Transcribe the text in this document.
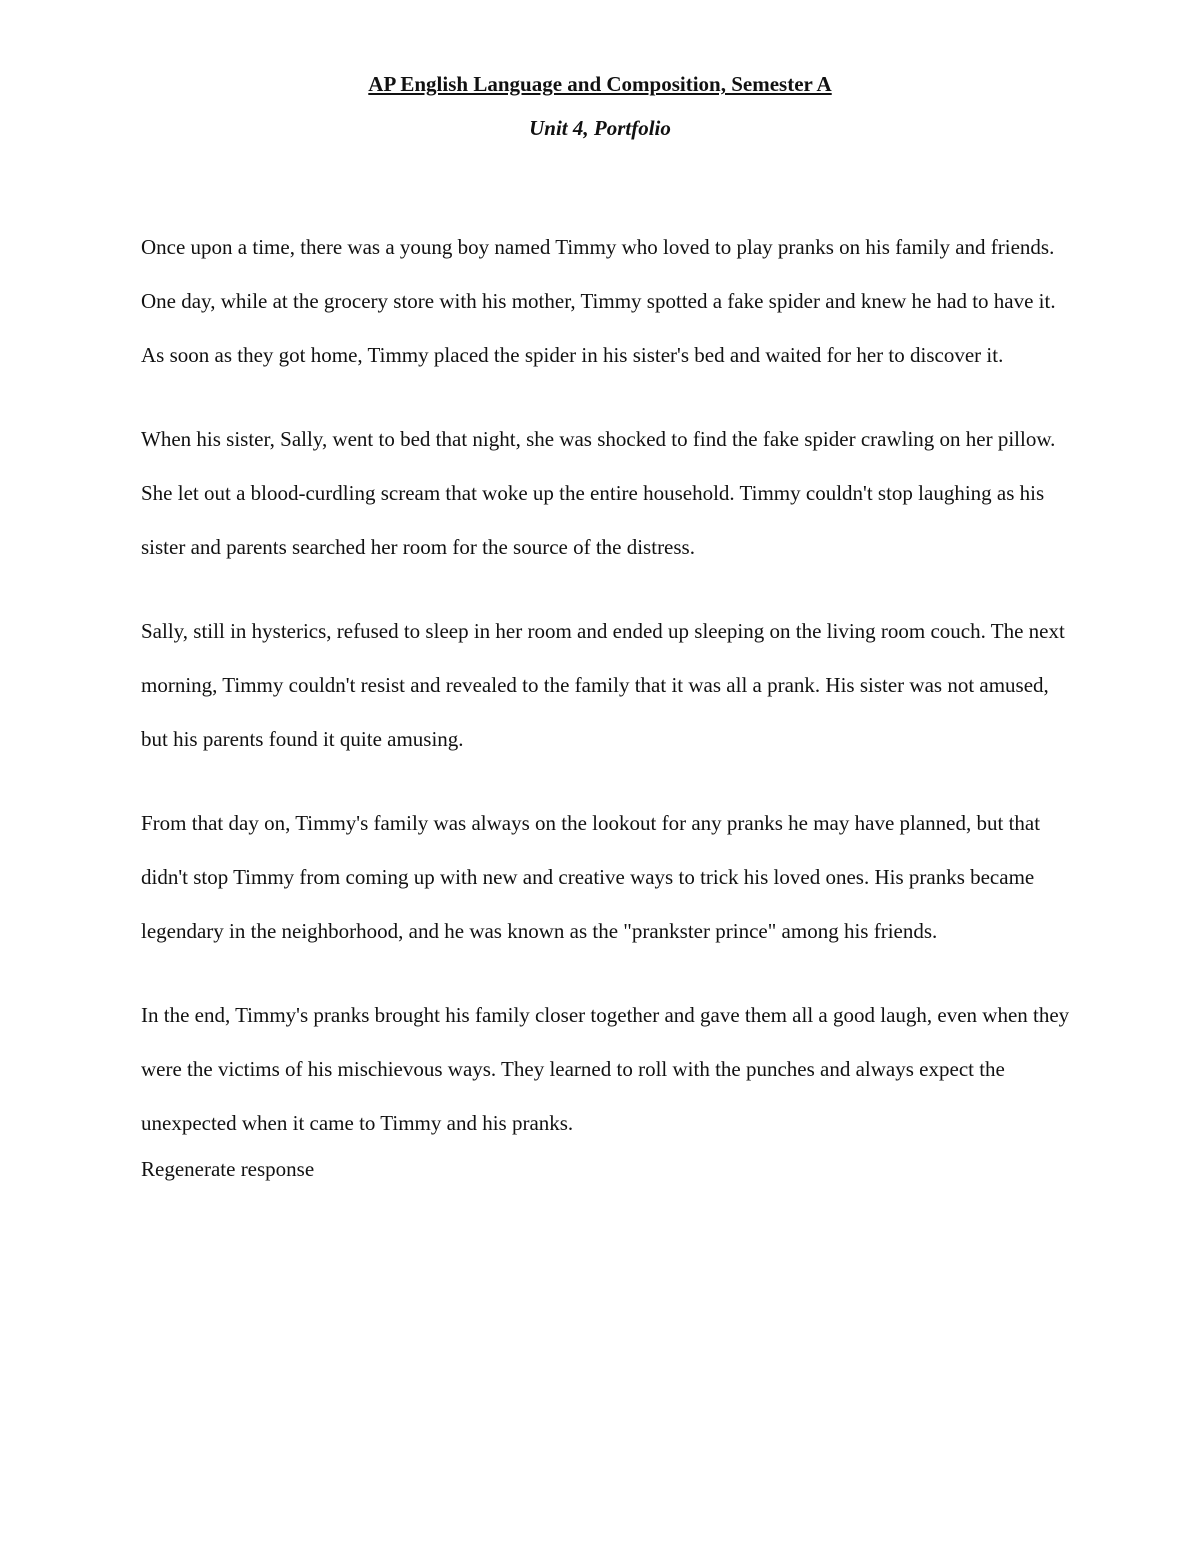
AP English Language and Composition, Semester A
Unit 4, Portfolio

Once upon a time, there was a young boy named Timmy who loved to play pranks on his family and friends. One day, while at the grocery store with his mother, Timmy spotted a fake spider and knew he had to have it. As soon as they got home, Timmy placed the spider in his sister's bed and waited for her to discover it.

When his sister, Sally, went to bed that night, she was shocked to find the fake spider crawling on her pillow. She let out a blood-curdling scream that woke up the entire household. Timmy couldn't stop laughing as his sister and parents searched her room for the source of the distress.

Sally, still in hysterics, refused to sleep in her room and ended up sleeping on the living room couch. The next morning, Timmy couldn't resist and revealed to the family that it was all a prank. His sister was not amused, but his parents found it quite amusing.

From that day on, Timmy's family was always on the lookout for any pranks he may have planned, but that didn't stop Timmy from coming up with new and creative ways to trick his loved ones. His pranks became legendary in the neighborhood, and he was known as the "prankster prince" among his friends.

In the end, Timmy's pranks brought his family closer together and gave them all a good laugh, even when they were the victims of his mischievous ways. They learned to roll with the punches and always expect the unexpected when it came to Timmy and his pranks.

Regenerate response
